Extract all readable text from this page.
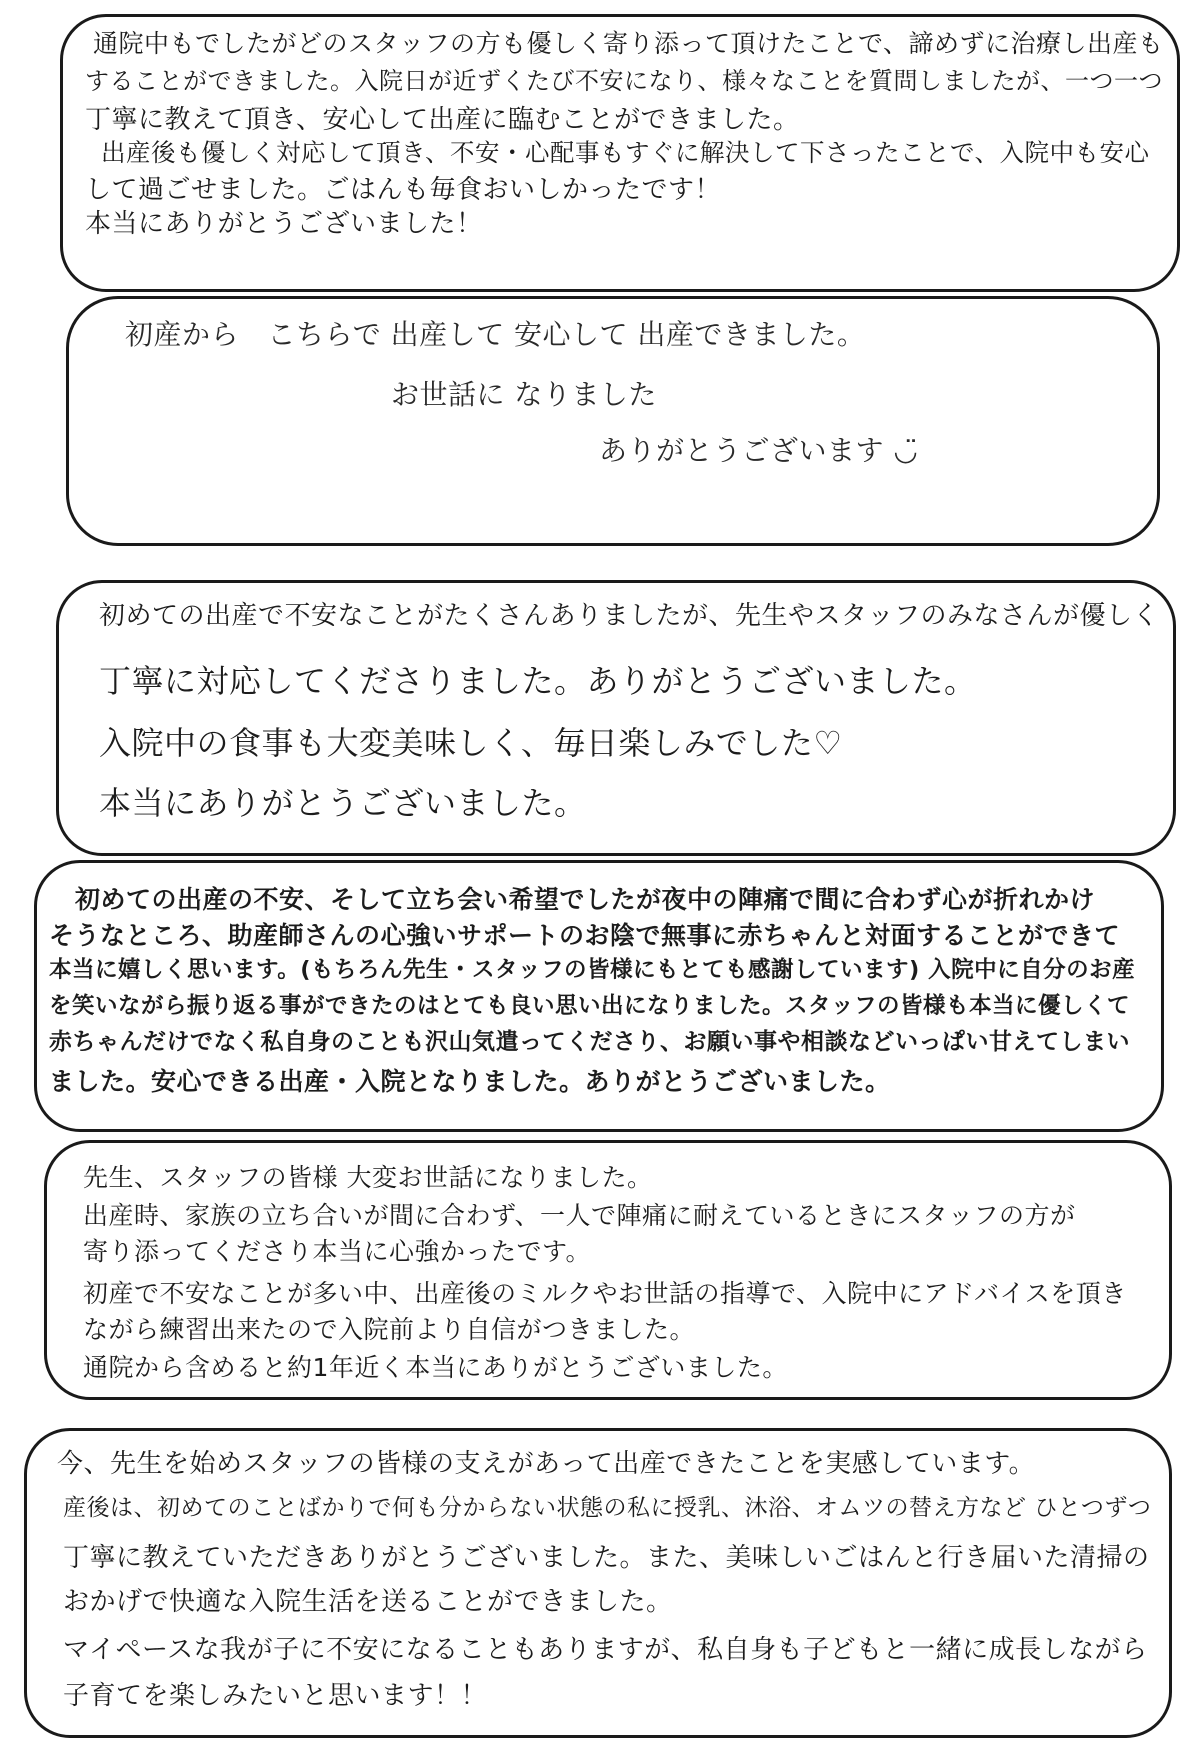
通院中もでしたがどのスタッフの方も優しく寄り添って頂けたことで、諦めずに治療し出産も
することができました。入院日が近ずくたび不安になり、様々なことを質問しましたが、一つ一つ
丁寧に教えて頂き、安心して出産に臨むことができました。
出産後も優しく対応して頂き、不安・心配事もすぐに解決して下さったことで、入院中も安心
して過ごせました。ごはんも毎食おいしかったです！
本当にありがとうございました！
初産から　こちらで 出産して 安心して 出産できました。
お世話に なりました
ありがとうございます ◡̈
初めての出産で不安なことがたくさんありましたが、先生やスタッフのみなさんが優しく
丁寧に対応してくださりました。ありがとうございました。
入院中の食事も大変美味しく、毎日楽しみでした♡
本当にありがとうございました。
初めての出産の不安、そして立ち会い希望でしたが夜中の陣痛で間に合わず心が折れかけ
そうなところ、助産師さんの心強いサポートのお陰で無事に赤ちゃんと対面することができて
本当に嬉しく思います。(もちろん先生・スタッフの皆様にもとても感謝しています) 入院中に自分のお産
を笑いながら振り返る事ができたのはとても良い思い出になりました。スタッフの皆様も本当に優しくて
赤ちゃんだけでなく私自身のことも沢山気遣ってくださり、お願い事や相談などいっぱい甘えてしまい
ました。安心できる出産・入院となりました。ありがとうございました。
先生、スタッフの皆様 大変お世話になりました。
出産時、家族の立ち合いが間に合わず、一人で陣痛に耐えているときにスタッフの方が
寄り添ってくださり本当に心強かったです。
初産で不安なことが多い中、出産後のミルクやお世話の指導で、入院中にアドバイスを頂き
ながら練習出来たので入院前より自信がつきました。
通院から含めると約1年近く本当にありがとうございました。
今、先生を始めスタッフの皆様の支えがあって出産できたことを実感しています。
産後は、初めてのことばかりで何も分からない状態の私に授乳、沐浴、オムツの替え方など ひとつずつ
丁寧に教えていただきありがとうございました。また、美味しいごはんと行き届いた清掃の
おかげで快適な入院生活を送ることができました。
マイペースな我が子に不安になることもありますが、私自身も子どもと一緒に成長しながら
子育てを楽しみたいと思います！！
